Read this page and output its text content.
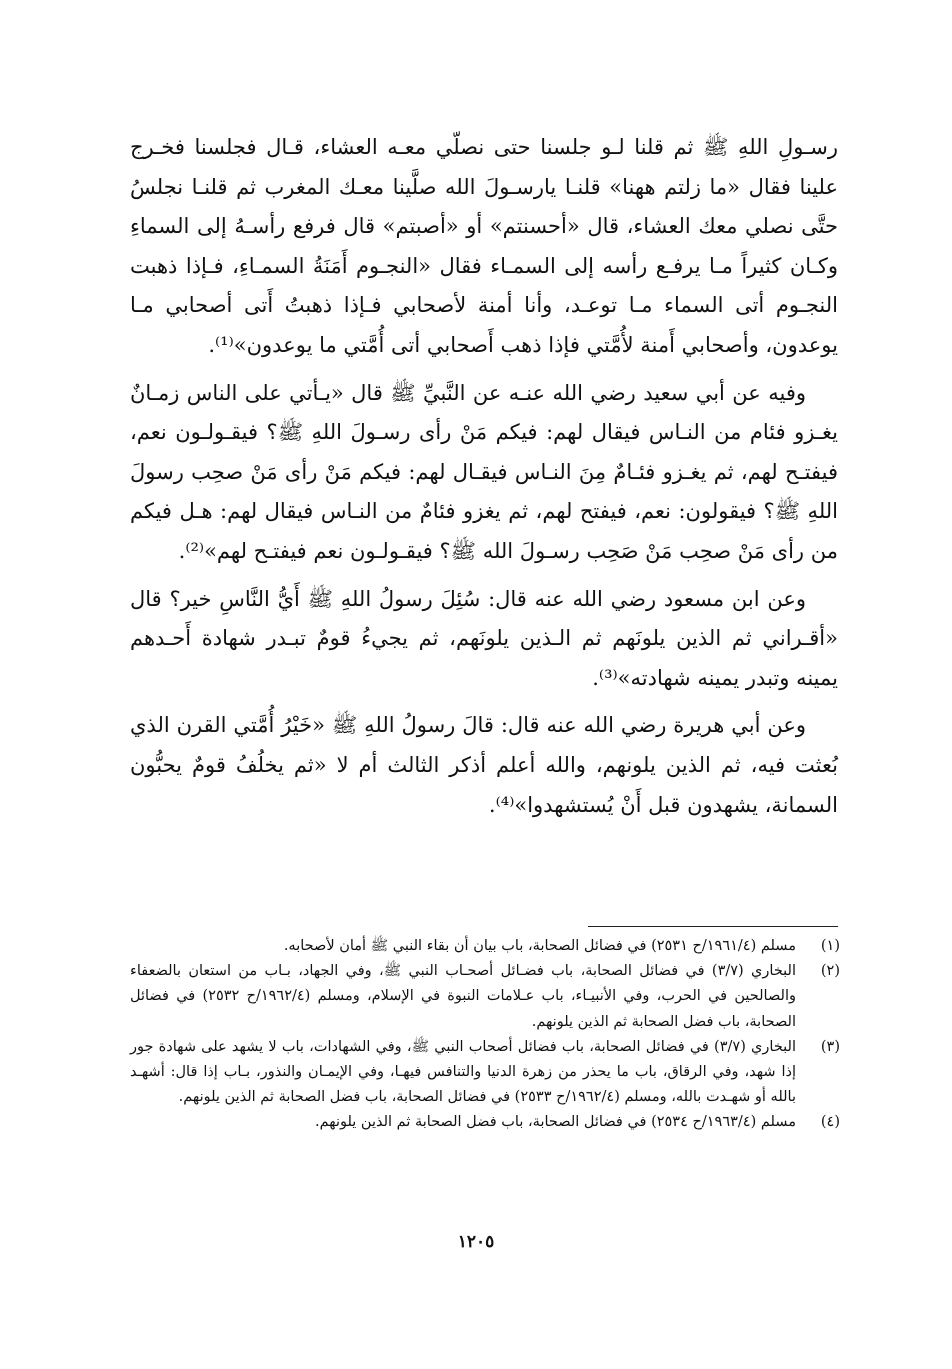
رسـولِ اللهِ ﷺ ثم قلنا لـو جلسنا حتى نصلّي معـه العشاء، قـال فجلسنا فخـرج علينا فقال «ما زلتم ههنا» قلنـا يارسـولَ الله صلَّينا معـك المغرب ثم قلنـا نجلسُ حتَّى نصلي معك العشاء، قال «أحسنتم» أو «أصبتم» قال فرفع رأسـهُ إلى السماءِ وكـان كثيراً مـا يرفـع رأسه إلى السمـاء فقال «النجـوم أَمَنَةُ السمـاءِ، فـإذا ذهبت النجـوم أتى السماء مـا توعـد، وأنا أمنة لأصحابي فـإذا ذهبتُ أَتى أصحابي مـا يوعدون، وأصحابي أَمنة لأُمَّتي فإذا ذهب أَصحابي أتى أُمَّتي ما يوعدون»⁽¹⁾.

وفيه عن أبي سعيد رضي الله عنـه عن النَّبيِّ ﷺ قال «يـأتي على الناس زمـانٌ يغـزو فئام من النـاس فيقال لهم: فيكم مَنْ رأى رسـولَ اللهِ ﷺ؟ فيقـولـون نعم، فيفتـح لهم، ثم يغـزو فئـامٌ مِنَ النـاس فيقـال لهم: فيكم مَنْ رأى مَنْ صحِب رسولَ اللهِ ﷺ؟ فيقولون: نعم، فيفتح لهم، ثم يغزو فئامٌ من النـاس فيقال لهم: هـل فيكم من رأى مَنْ صحِب مَنْ صَحِب رسـولَ الله ﷺ؟ فيقـولـون نعم فيفتـح لهم»⁽²⁾.

وعن ابن مسعود رضي الله عنه قال: سُئِلَ رسولُ اللهِ ﷺ أَيُّ النَّاسِ خير؟ قال «أقـراني ثم الذين يلونَهم ثم الـذين يلونَهم، ثم يجيءُ قومٌ تبـدر شهادة أَحـدهم يمينه وتبدر يمينه شهادته»⁽³⁾.

وعن أبي هريرة رضي الله عنه قال: قالَ رسولُ اللهِ ﷺ «خَيْرُ أُمَّتي القرن الذي بُعثت فيه، ثم الذين يلونهم، والله أعلم أذكر الثالث أم لا «ثم يخلُفُ قومٌ يحبُّون السمانة، يشهدون قبل أَنْ يُستشهدوا»⁽⁴⁾.

(١)
مسلم (١٩٦١/٤/ح ٢٥٣١) في فضائل الصحابة، باب بيان أن بقاء النبي ﷺ أمان لأصحابه.
(٢)
البخاري (٣/٧) في فضائل الصحابة، باب فضـائل أصحـاب النبي ﷺ، وفي الجهاد، بـاب من استعان بالضعفاء والصالحين في الحرب، وفي الأنبيـاء، باب عـلامات النبوة في الإسلام، ومسلم (١٩٦٢/٤/ح ٢٥٣٢) في فضائل الصحابة، باب فضل الصحابة ثم الذين يلونهم.
(٣)
البخاري (٣/٧) في فضائل الصحابة، باب فضائل أصحاب النبي ﷺ، وفي الشهادات، باب لا يشهد على شهادة جور إذا شهد، وفي الرقاق، باب ما يحذر من زهرة الدنيا والتنافس فيهـا، وفي الإيمـان والنذور، بـاب إذا قال: أشهـد بالله أو شهـدت بالله، ومسلم (١٩٦٢/٤/ح ٢٥٣٣) في فضائل الصحابة، باب فضل الصحابة ثم الذين يلونهم.
(٤)
مسلم (١٩٦٣/٤/ح ٢٥٣٤) في فضائل الصحابة، باب فضل الصحابة ثم الذين يلونهم.
١٢٠٥
